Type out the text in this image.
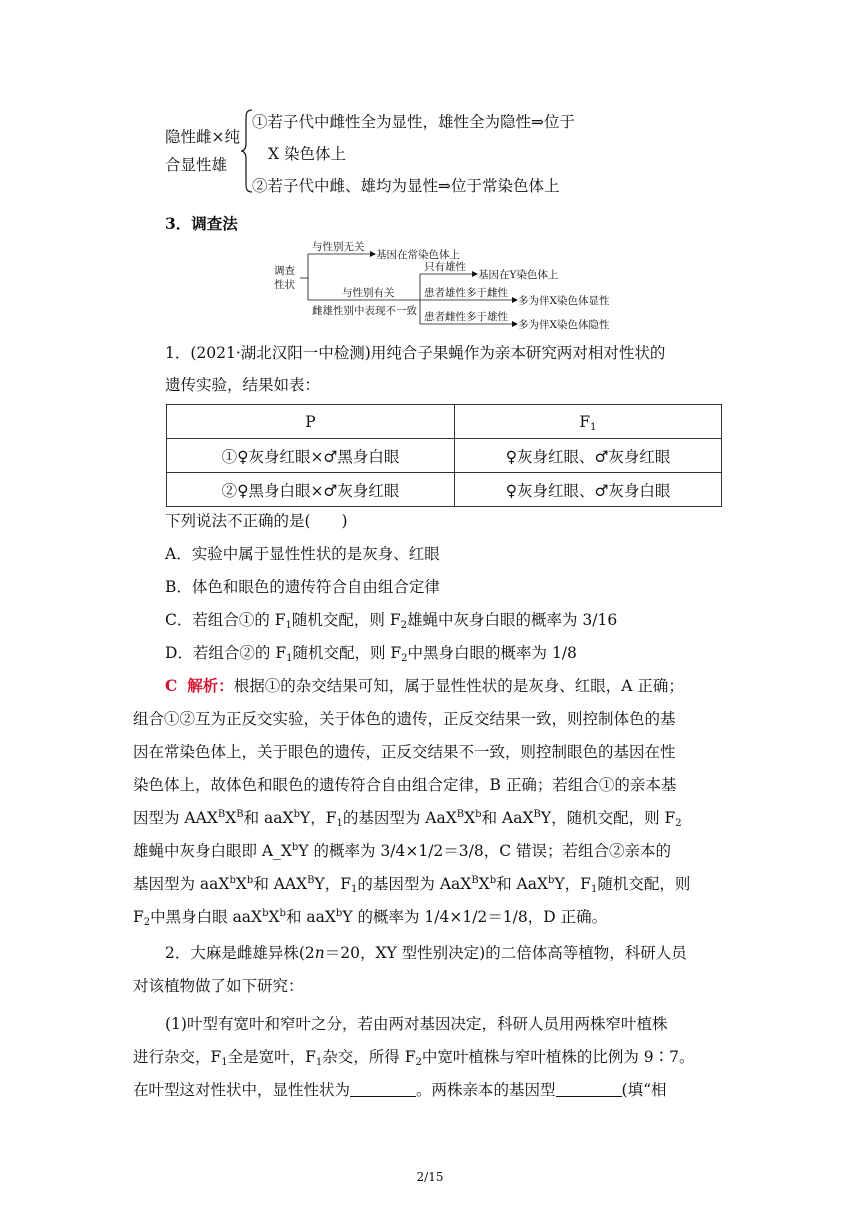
隐性雌×纯
合显性雄
①若子代中雌性全为显性，雄性全为隐性⇒位于
X 染色体上
②若子代中雌、雄均为显性⇒位于常染色体上
3．调查法
调查
性状
与性别无关
基因在常染色体上
与性别有关
雌雄性别中表现不一致
只有雄性
基因在Y染色体上
患者雄性多于雌性
多为伴X染色体显性
患者雌性多于雄性
多为伴X染色体隐性
1．(2021·湖北汉阳一中检测)用纯合子果蝇作为亲本研究两对相对性状的
遗传实验，结果如表：
P	$F_1$
①♀灰身红眼×♂黑身白眼	♀灰身红眼、♂灰身红眼
②♀黑身白眼×♂灰身红眼	♀灰身红眼、♂灰身白眼
下列说法不正确的是(　　)
A．实验中属于显性性状的是灰身、红眼
B．体色和眼色的遗传符合自由组合定律
C．若组合①的 $F_1$随机交配，则 $F_2$雄蝇中灰身白眼的概率为 3/16
D．若组合②的 $F_1$随机交配，则 $F_2$中黑身白眼的概率为 1/8
C 解析：根据①的杂交结果可知，属于显性性状的是灰身、红眼，A 正确；
组合①②互为正反交实验，关于体色的遗传，正反交结果一致，则控制体色的基
因在常染色体上，关于眼色的遗传，正反交结果不一致，则控制眼色的基因在性
染色体上，故体色和眼色的遗传符合自由组合定律，B 正确；若组合①的亲本基
因型为 $AAX^BX^B$和 aaX$^b$Y，$F_1$的基因型为 $AaX^BX^b$和 AaX$^B$Y，随机交配，则 $F_2$
雄蝇中灰身白眼即 $A\_X^bY$ 的概率为 3/4×1/2＝3/8，C 错误；若组合②亲本的
基因型为 $aaX^bX^b$和 $AAX^BY$，$F_1$的基因型为 $AaX^BX^b$和 AaX$^b$Y，$F_1$随机交配，则
$F_2$中黑身白眼 $aaX^bX^b$和 aaX$^b$Y 的概率为 1/4×1/2＝1/8，D 正确。
2．大麻是雌雄异株(2n＝20，XY 型性别决定)的二倍体高等植物，科研人员
对该植物做了如下研究：
(1)叶型有宽叶和窄叶之分，若由两对基因决定，科研人员用两株窄叶植株
进行杂交，$F_1$全是宽叶，$F_1$杂交，所得 $F_2$中宽叶植株与窄叶植株的比例为 9∶7。
在叶型这对性状中，显性性状为	。两株亲本的基因型	(填“相
2/15
